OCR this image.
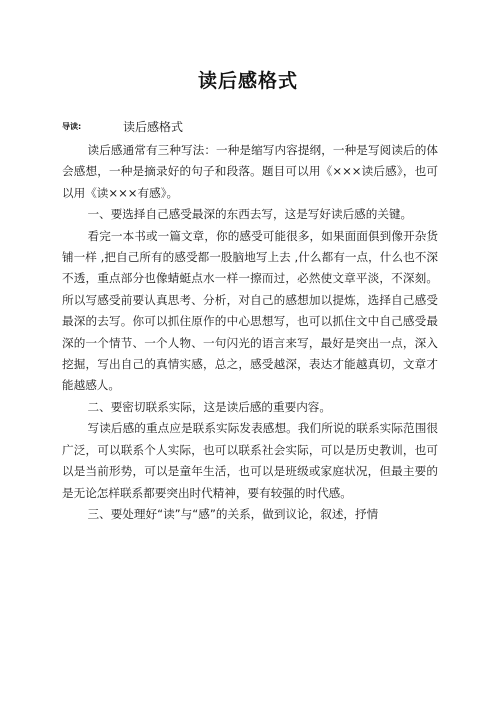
读后感格式
导读:	读后感格式

读后感通常有三种写法：一种是缩写内容提纲，一种是写阅读后的体会感想，一种是摘录好的句子和段落。题目可以用《×××读后感》，也可以用《读×××有感》。

一、要选择自己感受最深的东西去写，这是写好读后感的关键。

看完一本书或一篇文章，你的感受可能很多，如果面面俱到像开杂货铺一样 ,把自己所有的感受都一股脑地写上去 ,什么都有一点，什么也不深不透，重点部分也像蜻蜓点水一样一擦而过，必然使文章平淡，不深刻。所以写感受前要认真思考、分析，对自己的感想加以提炼，选择自己感受最深的去写。你可以抓住原作的中心思想写，也可以抓住文中自己感受最深的一个情节、一个人物、一句闪光的语言来写，最好是突出一点，深入挖掘，写出自己的真情实感，总之，感受越深，表达才能越真切，文章才能越感人。

二、要密切联系实际，这是读后感的重要内容。

写读后感的重点应是联系实际发表感想。我们所说的联系实际范围很广泛，可以联系个人实际，也可以联系社会实际，可以是历史教训，也可以是当前形势，可以是童年生活，也可以是班级或家庭状况，但最主要的是无论怎样联系都要突出时代精神，要有较强的时代感。

三、要处理好“读”与“感”的关系，做到议论，叙述，抒情
